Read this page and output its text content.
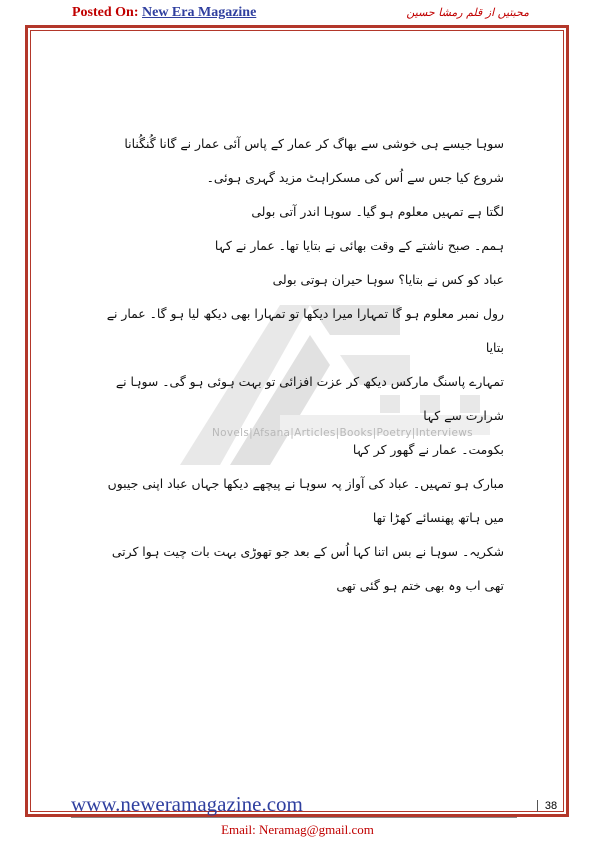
Posted On: New Era Magazine	محبتیں از قلم رمشا حسین
Novels|Afsana|Articles|Books|Poetry|Interviews

سوہا جیسے ہی خوشی سے بھاگ کر عمار کے پاس آئی عمار نے گانا گُنگُنانا شروع کیا جس سے اُس کی مسکراہٹ مزید گہری ہوئی۔

لگتا ہے تمہیں معلوم ہو گیا۔ سوہا اندر آتی بولی

ہمم۔ صبح ناشتے کے وقت بھائی نے بتایا تھا۔ عمار نے کہا

عباد کو کس نے بتایا؟ سوہا حیران ہوتی بولی

رول نمبر معلوم ہو گا تمہارا میرا دیکھا تو تمہارا بھی دیکھ لیا ہو گا۔ عمار نے بتایا

تمہارے پاسنگ مارکس دیکھ کر عزت افزائی تو بہت ہوئی ہو گی۔ سوہا نے شرارت سے کہا

بکومت۔ عمار نے گھور کر کہا

مبارک ہو تمہیں۔ عباد کی آواز پہ سوہا نے پیچھے دیکھا جہاں عباد اپنی جیبوں میں ہاتھ پھنسائے کھڑا تھا

شکریہ۔ سوہا نے بس اتنا کہا اُس کے بعد جو تھوڑی بہت بات چیت ہوا کرتی تھی اب وہ بھی ختم ہو گئی تھی

www.neweramagazine.com	38
Email: Neramag@gmail.com
